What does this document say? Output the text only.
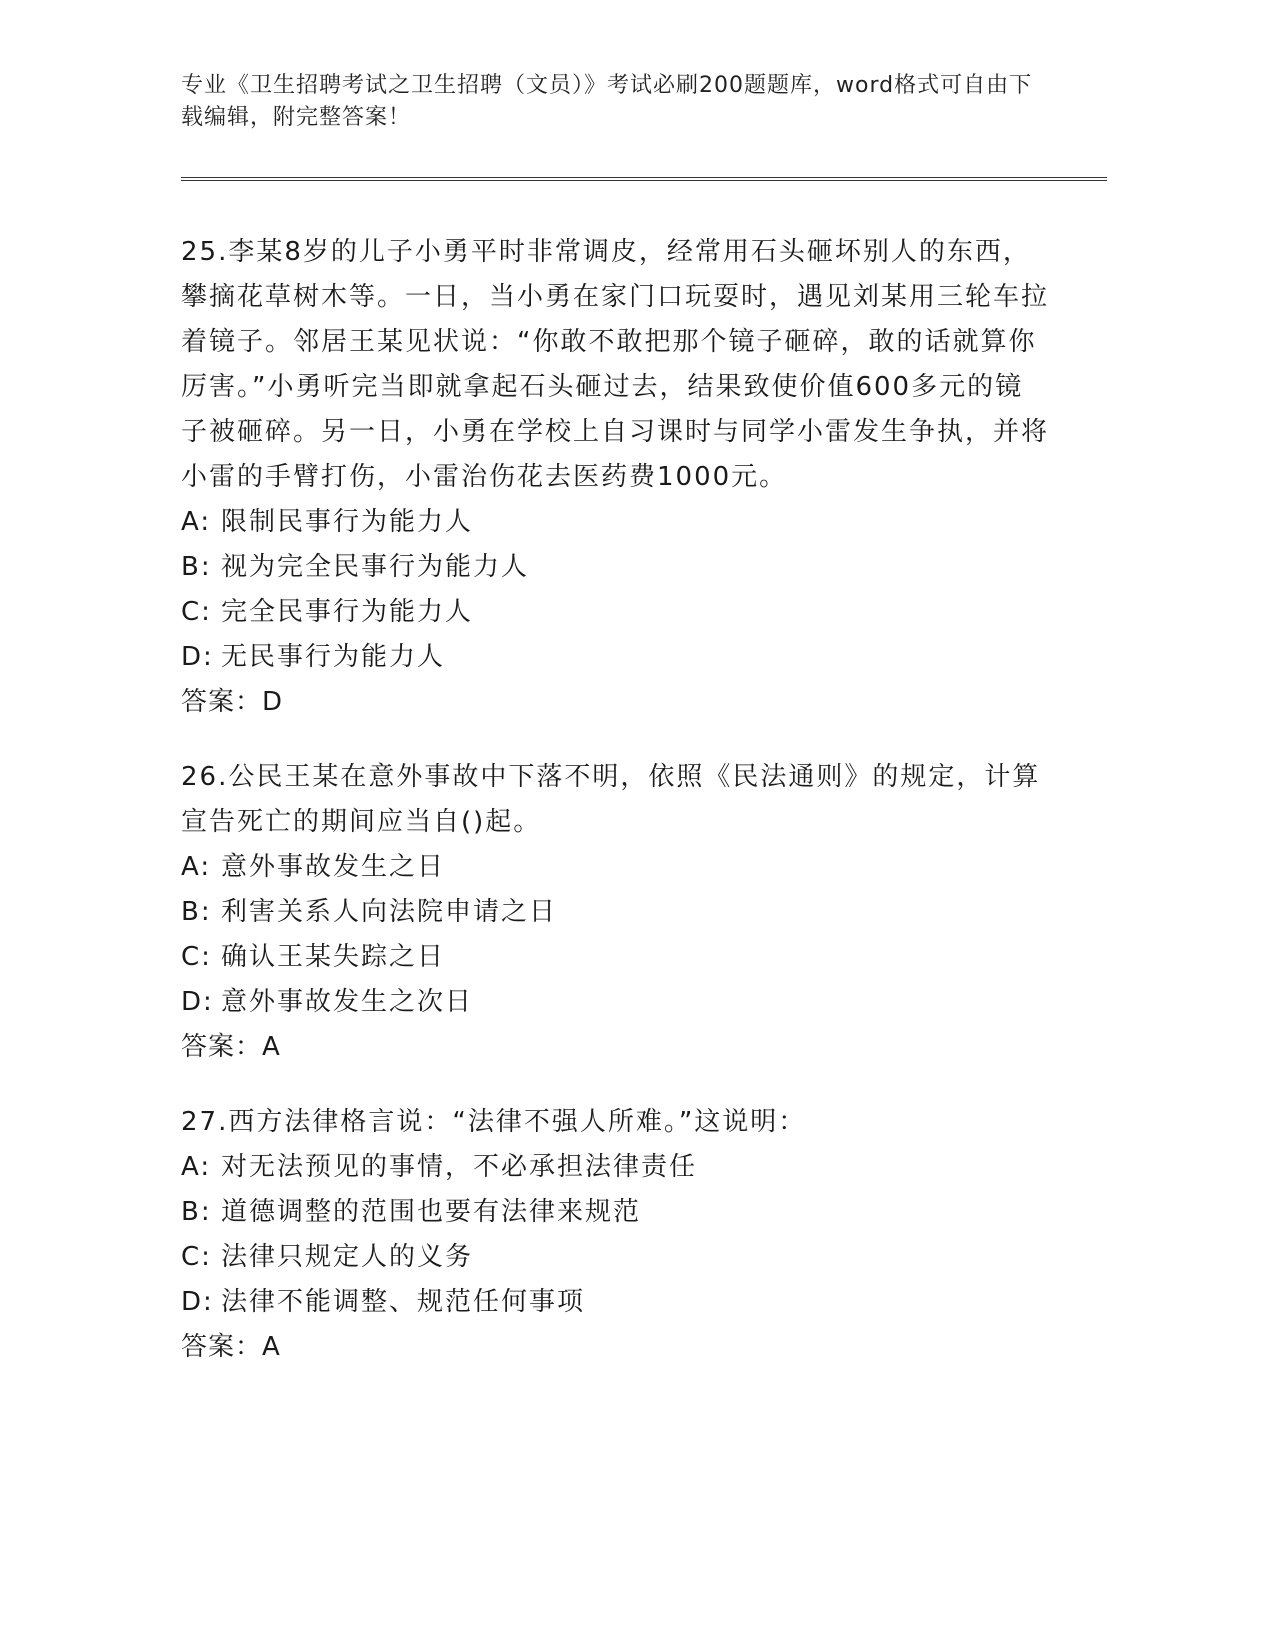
专业《卫生招聘考试之卫生招聘（文员）》考试必刷200题题库，word格式可自由下载编辑，附完整答案！

25.李某8岁的儿子小勇平时非常调皮，经常用石头砸坏别人的东西，攀摘花草树木等。一日，当小勇在家门口玩耍时，遇见刘某用三轮车拉着镜子。邻居王某见状说：“你敢不敢把那个镜子砸碎，敢的话就算你厉害。”小勇听完当即就拿起石头砸过去，结果致使价值600多元的镜子被砸碎。另一日，小勇在学校上自习课时与同学小雷发生争执，并将小雷的手臂打伤，小雷治伤花去医药费1000元。

A: 限制民事行为能力人

B: 视为完全民事行为能力人

C: 完全民事行为能力人

D: 无民事行为能力人

答案：D

26.公民王某在意外事故中下落不明，依照《民法通则》的规定，计算宣告死亡的期间应当自()起。

A: 意外事故发生之日

B: 利害关系人向法院申请之日

C: 确认王某失踪之日

D: 意外事故发生之次日

答案：A

27.西方法律格言说：“法律不强人所难。”这说明：

A: 对无法预见的事情，不必承担法律责任

B: 道德调整的范围也要有法律来规范

C: 法律只规定人的义务

D: 法律不能调整、规范任何事项

答案：A
